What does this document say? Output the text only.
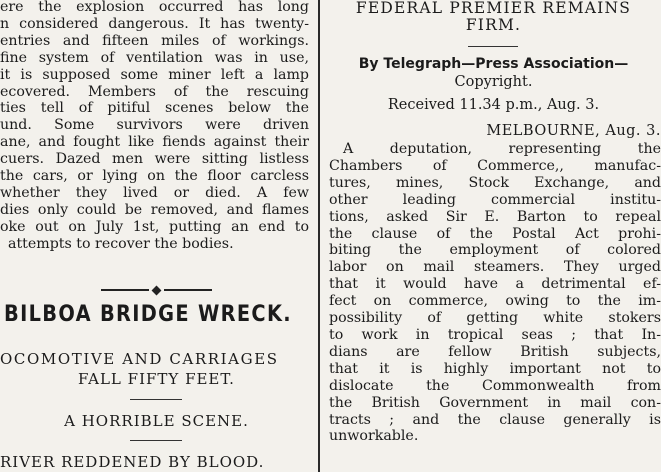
ere the explosion occurred has long
n considered dangerous. It has twenty-
entries and fifteen miles of workings.
fine system of ventilation was in use,
it is supposed some miner left a lamp
ecovered. Members of the rescuing
ties tell of pitiful scenes below the
und. Some survivors were driven
ane, and fought like fiends against their
cuers. Dazed men were sitting listless
the cars, or lying on the floor carcless
whether they lived or died. A few
dies only could be removed, and flames
oke out on July 1st, putting an end to
attempts to recover the bodies.
BILBOA BRIDGE WRECK.
OCOMOTIVE AND CARRIAGES
FALL FIFTY FEET.
A HORRIBLE SCENE.
RIVER REDDENED BY BLOOD.
FEDERAL PREMIER REMAINS
FIRM.
By Telegraph—Press Association—
Copyright.
Received 11.34 p.m., Aug. 3.
MELBOURNE, Aug. 3.
A deputation, representing the
Chambers of Commerce,, manufac-
tures, mines, Stock Exchange, and
other leading commercial institu-
tions, asked Sir E. Barton to repeal
the clause of the Postal Act prohi-
biting the employment of colored
labor on mail steamers. They urged
that it would have a detrimental ef-
fect on commerce, owing to the im-
possibility of getting white stokers
to work in tropical seas ; that In-
dians are fellow British subjects,
that it is highly important not to
dislocate the Commonwealth from
the British Government in mail con-
tracts ; and the clause generally is
unworkable.
